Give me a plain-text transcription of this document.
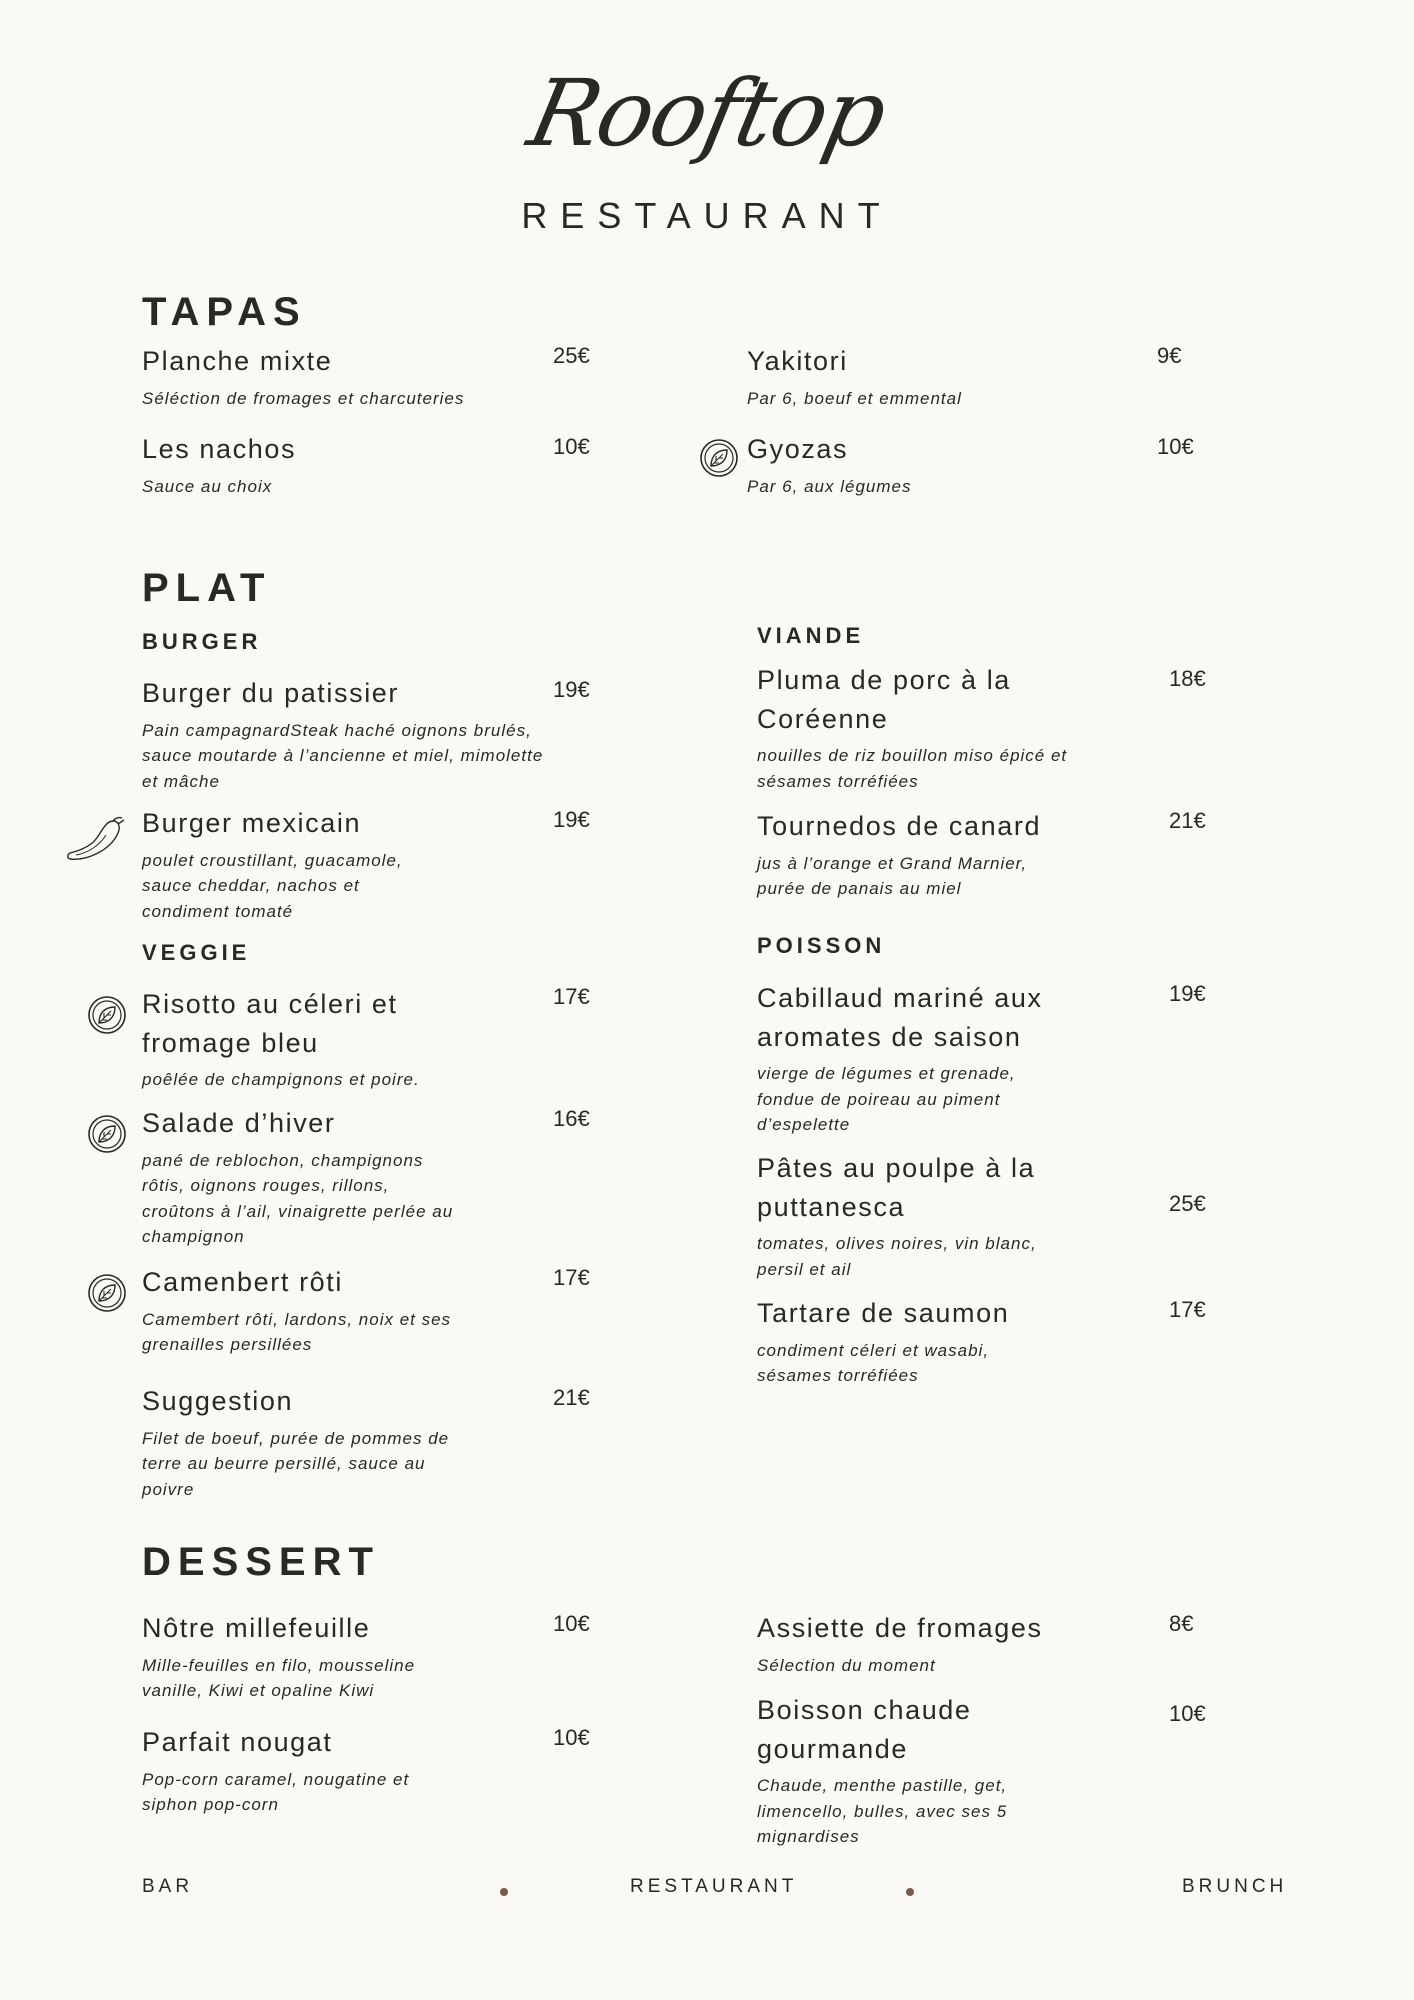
Rooftop
RESTAURANT
TAPAS
Planche mixte
Séléction de fromages et charcuteries
25€
Les nachos
Sauce au choix
10€
Yakitori
Par 6, boeuf et emmental
9€
Gyozas
Par 6, aux légumes
10€
PLAT
BURGER
Burger du patissier
Pain campagnardSteak haché oignons brulés, sauce moutarde à l’ancienne et miel, mimolette et mâche
19€
Burger mexicain
poulet croustillant, guacamole, sauce cheddar, nachos et condiment tomaté
19€
VEGGIE
Risotto au céleri et fromage bleu
poêlée de champignons et poire.
17€
Salade d’hiver
pané de reblochon, champignons rôtis, oignons rouges, rillons, croûtons à l’ail, vinaigrette perlée au champignon
16€
Camenbert rôti
Camembert rôti, lardons, noix et ses grenailles persillées
17€
Suggestion
Filet de boeuf, purée de pommes de terre au beurre persillé, sauce au poivre
21€
VIANDE
Pluma de porc à la Coréenne
nouilles de riz bouillon miso épicé et sésames torréfiées
18€
Tournedos de canard
jus à l’orange et Grand Marnier, purée de panais au miel
21€
POISSON
Cabillaud mariné aux aromates de saison
vierge de légumes et grenade, fondue de poireau au piment d’espelette
19€
Pâtes au poulpe à la puttanesca
tomates, olives noires, vin blanc, persil et ail
25€
Tartare de saumon
condiment céleri et wasabi, sésames torréfiées
17€
DESSERT
Nôtre millefeuille
Mille-feuilles en filo, mousseline vanille, Kiwi et opaline Kiwi
10€
Parfait nougat
Pop-corn caramel, nougatine et siphon pop-corn
10€
Assiette de fromages
Sélection du moment
8€
Boisson chaude gourmande
Chaude, menthe pastille, get, limencello, bulles, avec ses 5 mignardises
10€
BAR	RESTAURANT	BRUNCH
